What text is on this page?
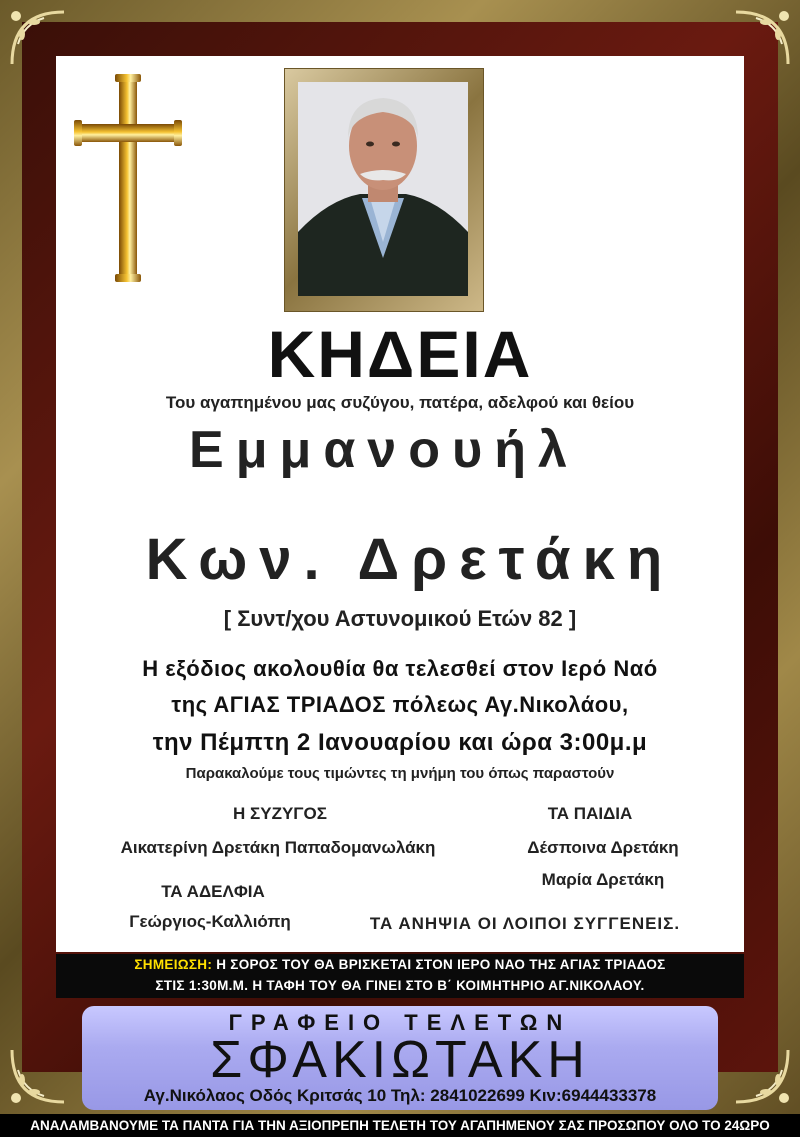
ΚΗΔΕΙΑ
Του αγαπημένου μας συζύγου, πατέρα, αδελφού και θείου
Εμμανουήλ
Κων. Δρετάκη
[ Συντ/χου Αστυνομικού Ετών 82 ]
Η εξόδιος ακολουθία θα τελεσθεί στον Ιερό Ναό
της ΑΓΙΑΣ ΤΡΙΑΔΟΣ πόλεως Αγ.Νικολάου,
την Πέμπτη 2 Ιανουαρίου και ώρα 3:00μ.μ
Παρακαλούμε τους τιμώντες τη μνήμη του όπως παραστούν
Η ΣΥΖΥΓΟΣ
Αικατερίνη Δρετάκη Παπαδομανωλάκη
ΤΑ ΠΑΙΔΙΑ
Δέσποινα Δρετάκη
Μαρία Δρετάκη
ΤΑ ΑΔΕΛΦΙΑ
Γεώργιος-Καλλιόπη	ΤΑ ΑΝΗΨΙΑ ΟΙ ΛΟΙΠΟΙ ΣΥΓΓΕΝΕΙΣ.
ΣΗΜΕΙΩΣΗ: Η ΣΟΡΟΣ ΤΟΥ ΘΑ ΒΡΙΣΚΕΤΑΙ ΣΤΟΝ ΙΕΡΟ ΝΑΟ ΤΗΣ ΑΓΙΑΣ ΤΡΙΑΔΟΣ
ΣΤΙΣ 1:30Μ.Μ. Η ΤΑΦΗ ΤΟΥ ΘΑ ΓΙΝΕΙ ΣΤΟ Β΄ ΚΟΙΜΗΤΗΡΙΟ ΑΓ.ΝΙΚΟΛΑΟΥ.
ΓΡΑΦΕΙΟ ΤΕΛΕΤΩΝ
ΣΦΑΚΙΩΤΑΚΗ
Αγ.Νικόλαος Οδός Κριτσάς 10 Τηλ: 2841022699 Κιν:6944433378
ΑΝΑΛΑΜΒΑΝΟΥΜΕ ΤΑ ΠΑΝΤΑ ΓΙΑ ΤΗΝ ΑΞΙΟΠΡΕΠΗ ΤΕΛΕΤΗ ΤΟΥ ΑΓΑΠΗΜΕΝΟΥ ΣΑΣ ΠΡΟΣΩΠΟΥ ΟΛΟ ΤΟ 24ΩΡΟ
